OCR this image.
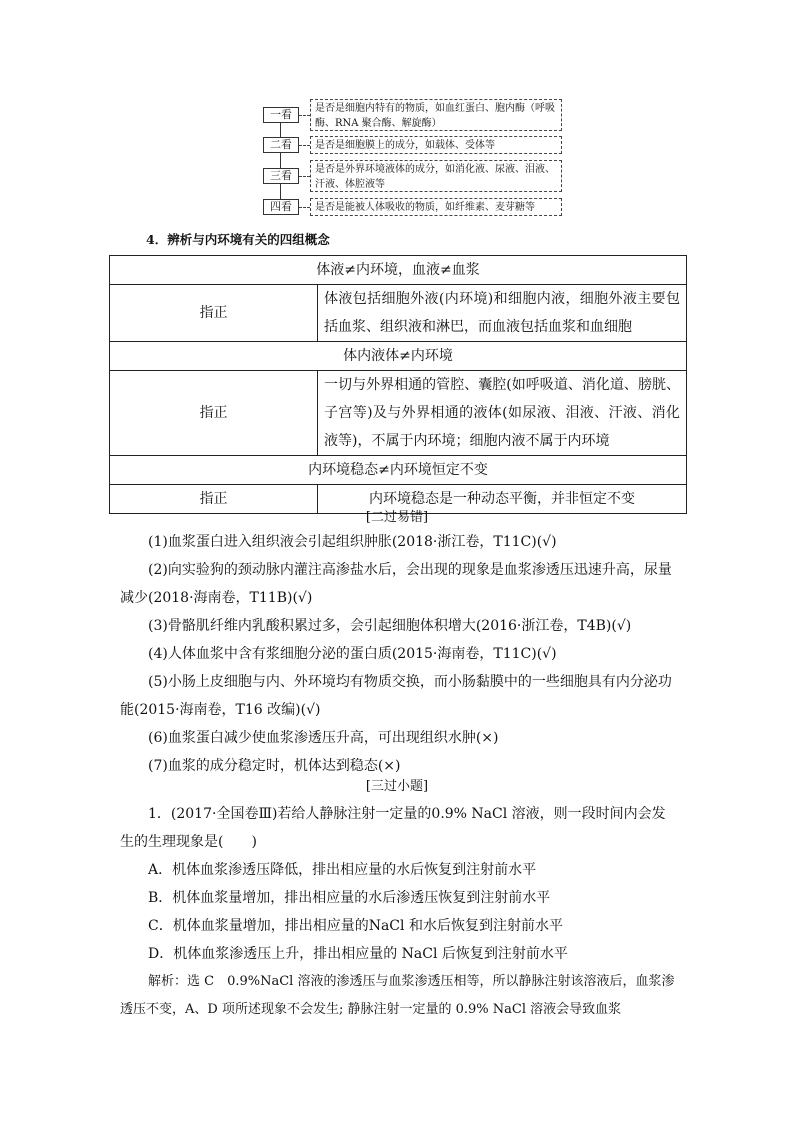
一看
二看
三看
四看
是否是细胞内特有的物质，如血红蛋白、胞内酶（呼吸酶、RNA 聚合酶、解旋酶）
是否是细胞膜上的成分，如载体、受体等
是否是外界环境液体的成分，如消化液、尿液、泪液、汗液、体腔液等
是否是能被人体吸收的物质，如纤维素、麦芽糖等
4．辨析与内环境有关的四组概念
体液≠内环境，血液≠血浆	
指正	体液包括细胞外液(内环境)和细胞内液，细胞外液主要包括血浆、组织液和淋巴，而血液包括血浆和血细胞
体内液体≠内环境	
指正	一切与外界相通的管腔、囊腔(如呼吸道、消化道、膀胱、子宫等)及与外界相通的液体(如尿液、泪液、汗液、消化液等)，不属于内环境；细胞内液不属于内环境
内环境稳态≠内环境恒定不变	
指正	内环境稳态是一种动态平衡，并非恒定不变
[二过易错]

(1)血浆蛋白进入组织液会引起组织肿胀(2018·浙江卷，T11C)(√)

(2)向实验狗的颈动脉内灌注高渗盐水后，会出现的现象是血浆渗透压迅速升高，尿量减少(2018·海南卷，T11B)(√)

(3)骨骼肌纤维内乳酸积累过多，会引起细胞体积增大(2016·浙江卷，T4B)(√)

(4)人体血浆中含有浆细胞分泌的蛋白质(2015·海南卷，T11C)(√)

(5)小肠上皮细胞与内、外环境均有物质交换，而小肠黏膜中的一些细胞具有内分泌功能(2015·海南卷，T16 改编)(√)

(6)血浆蛋白减少使血浆渗透压升高，可出现组织水肿(×)

(7)血浆的成分稳定时，机体达到稳态(×)

[三过小题]

1．(2017·全国卷Ⅲ)若给人静脉注射一定量的0.9% NaCl 溶液，则一段时间内会发生的生理现象是(　　)

A．机体血浆渗透压降低，排出相应量的水后恢复到注射前水平

B．机体血浆量增加，排出相应量的水后渗透压恢复到注射前水平

C．机体血浆量增加，排出相应量的NaCl 和水后恢复到注射前水平

D．机体血浆渗透压上升，排出相应量的 NaCl 后恢复到注射前水平

解析：选 C　0.9%NaCl 溶液的渗透压与血浆渗透压相等，所以静脉注射该溶液后，血浆渗透压不变，A、D 项所述现象不会发生; 静脉注射一定量的 0.9% NaCl 溶液会导致血浆
